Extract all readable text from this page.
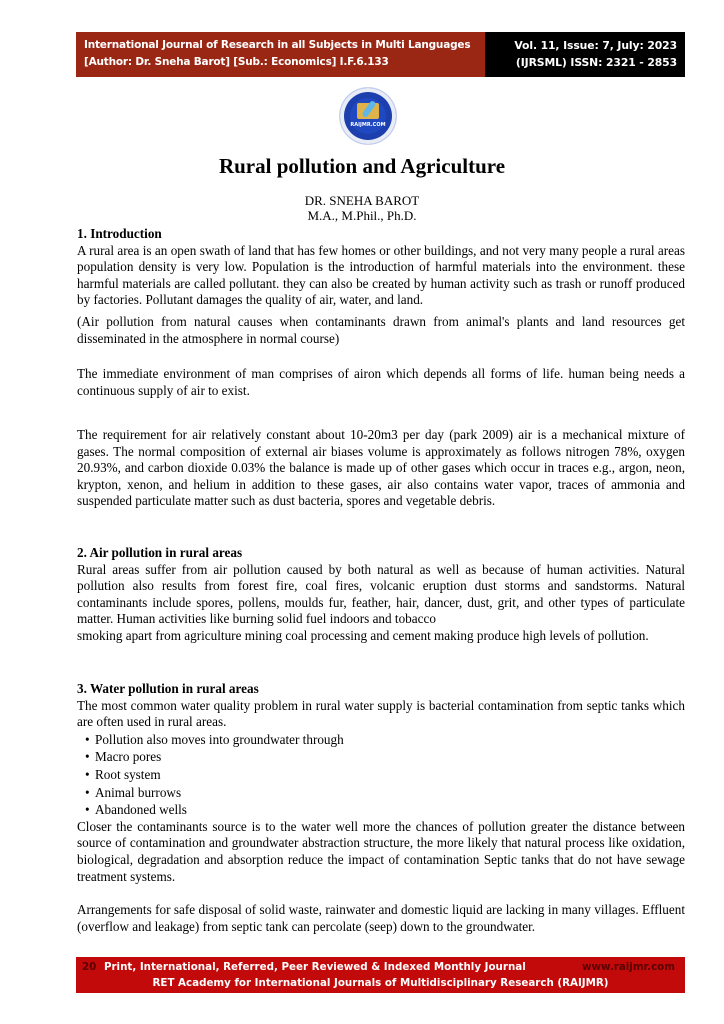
International Journal of Research in all Subjects in Multi Languages
[Author: Dr. Sneha Barot] [Sub.: Economics] I.F.6.133
Vol. 11, Issue: 7, July: 2023
(IJRSML) ISSN: 2321 - 2853
RAIJMR.COM
Rural pollution and Agriculture
DR. SNEHA BAROT
M.A., M.Phil., Ph.D.
1. Introduction

A rural area is an open swath of land that has few homes or other buildings, and not very many people a rural areas population density is very low. Population is the introduction of harmful materials into the environment. these harmful materials are called pollutant. they can also be created by human activity such as trash or runoff produced by factories. Pollutant damages the quality of air, water, and land.

(Air pollution from natural causes when contaminants drawn from animal's plants and land resources get disseminated in the atmosphere in normal course)

The immediate environment of man comprises of airon which depends all forms of life. human being needs a continuous supply of air to exist.

The requirement for air relatively constant about 10-20m3 per day (park 2009) air is a mechanical mixture of gases. The normal composition of external air biases volume is approximately as follows nitrogen 78%, oxygen 20.93%, and carbon dioxide 0.03% the balance is made up of other gases which occur in traces e.g., argon, neon, krypton, xenon, and helium in addition to these gases, air also contains water vapor, traces of ammonia and suspended particulate matter such as dust bacteria, spores and vegetable debris.

2. Air pollution in rural areas

Rural areas suffer from air pollution caused by both natural as well as because of human activities. Natural pollution also results from forest fire, coal fires, volcanic eruption dust storms and sandstorms. Natural contaminants include spores, pollens, moulds fur, feather, hair, dancer, dust, grit, and other types of particulate matter. Human activities like burning solid fuel indoors and tobacco

smoking apart from agriculture mining coal processing and cement making produce high levels of pollution.

3. Water pollution in rural areas

The most common water quality problem in rural water supply is bacterial contamination from septic tanks which are often used in rural areas.

• Pollution also moves into groundwater through
• Macro pores
• Root system
• Animal burrows
• Abandoned wells

Closer the contaminants source is to the water well more the chances of pollution greater the distance between source of contamination and groundwater abstraction structure, the more likely that natural process like oxidation, biological, degradation and absorption reduce the impact of contamination Septic tanks that do not have sewage treatment systems.

Arrangements for safe disposal of solid waste, rainwater and domestic liquid are lacking in many villages. Effluent (overflow and leakage) from septic tank can percolate (seep) down to the groundwater.

20 Print, International, Referred, Peer Reviewed & Indexed Monthly Journal	www.raijmr.com
RET Academy for International Journals of Multidisciplinary Research (RAIJMR)
